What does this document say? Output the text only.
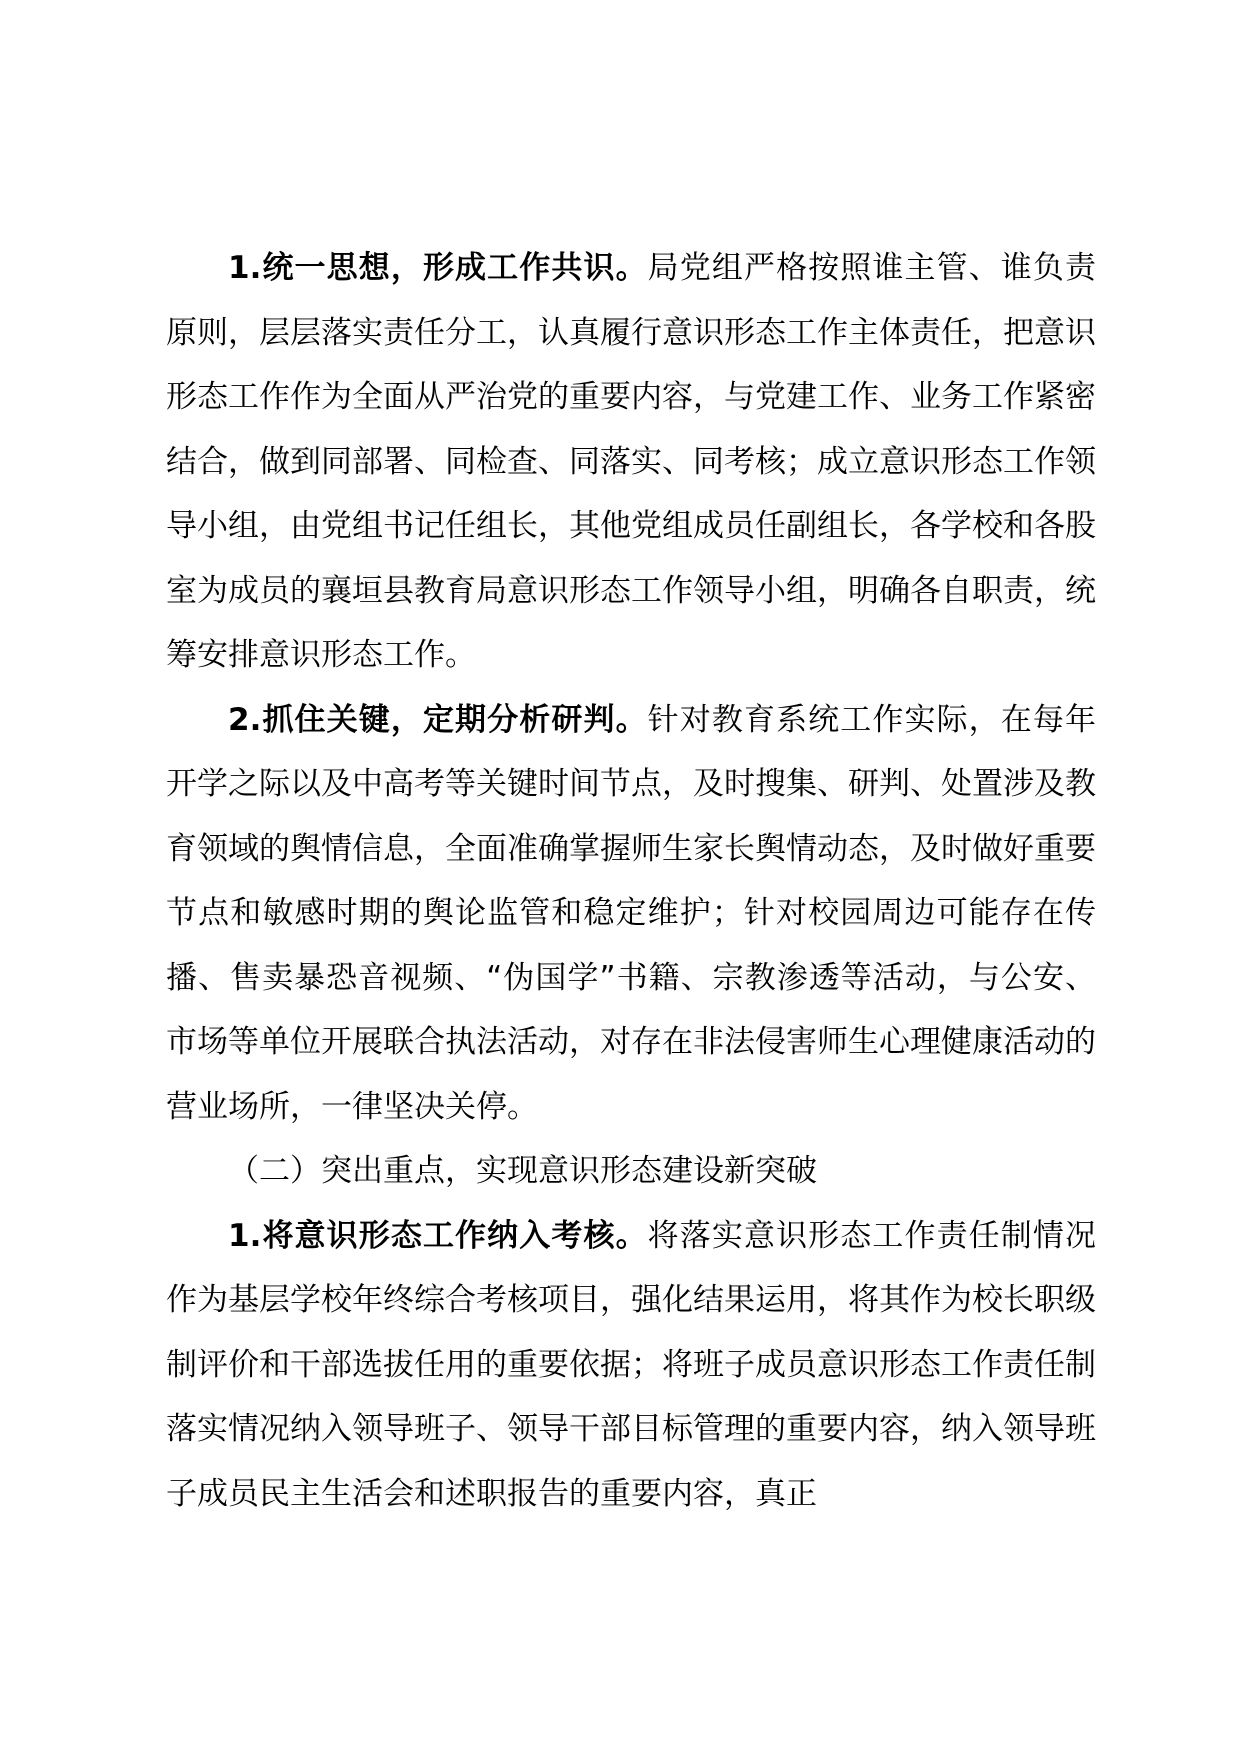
1.统一思想，形成工作共识。局党组严格按照谁主管、谁负责原则，层层落实责任分工，认真履行意识形态工作主体责任，把意识形态工作作为全面从严治党的重要内容，与党建工作、业务工作紧密结合，做到同部署、同检查、同落实、同考核；成立意识形态工作领导小组，由党组书记任组长，其他党组成员任副组长，各学校和各股室为成员的襄垣县教育局意识形态工作领导小组，明确各自职责，统筹安排意识形态工作。

2.抓住关键，定期分析研判。针对教育系统工作实际，在每年开学之际以及中高考等关键时间节点，及时搜集、研判、处置涉及教育领域的舆情信息，全面准确掌握师生家长舆情动态，及时做好重要节点和敏感时期的舆论监管和稳定维护；针对校园周边可能存在传播、售卖暴恐音视频、“伪国学”书籍、宗教渗透等活动，与公安、市场等单位开展联合执法活动，对存在非法侵害师生心理健康活动的营业场所，一律坚决关停。

（二）突出重点，实现意识形态建设新突破

1.将意识形态工作纳入考核。将落实意识形态工作责任制情况作为基层学校年终综合考核项目，强化结果运用，将其作为校长职级制评价和干部选拔任用的重要依据；将班子成员意识形态工作责任制落实情况纳入领导班子、领导干部目标管理的重要内容，纳入领导班子成员民主生活会和述职报告的重要内容，真正
